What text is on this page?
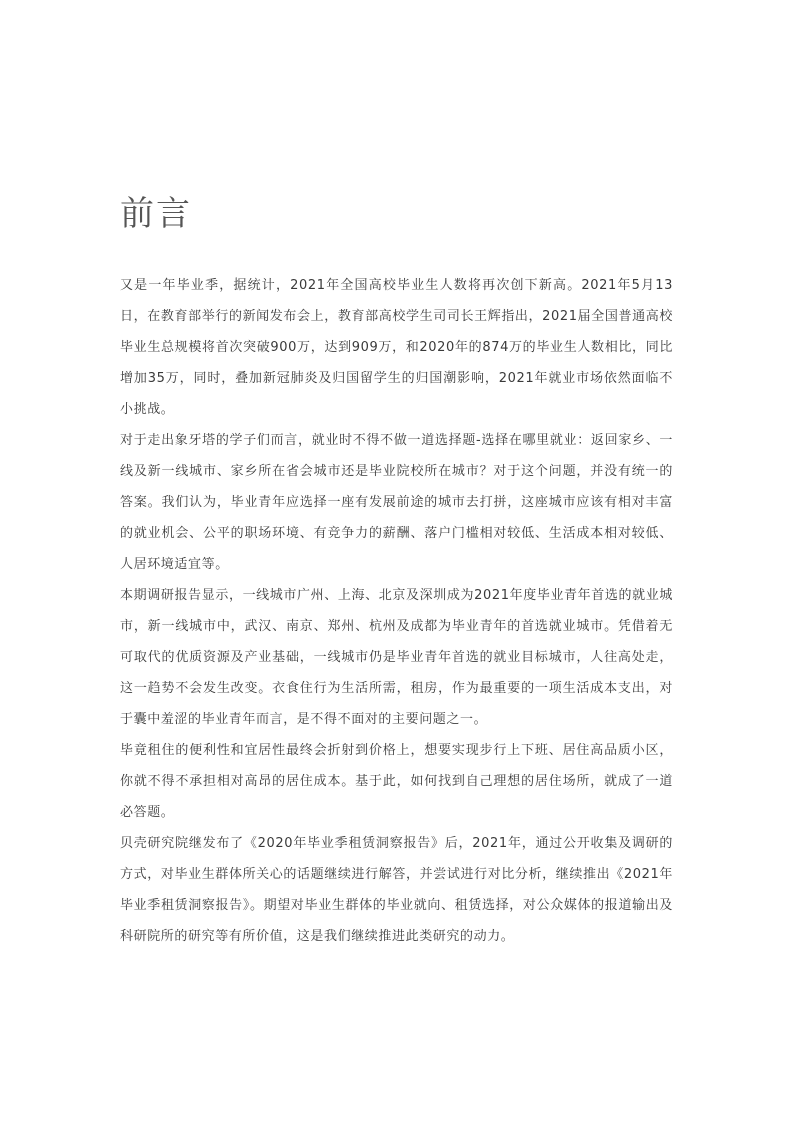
前言

又是一年毕业季，据统计，2021年全国高校毕业生人数将再次创下新高。2021年5月13日，在教育部举行的新闻发布会上，教育部高校学生司司长王辉指出，2021届全国普通高校毕业生总规模将首次突破900万，达到909万，和2020年的874万的毕业生人数相比，同比增加35万，同时，叠加新冠肺炎及归国留学生的归国潮影响，2021年就业市场依然面临不小挑战。

对于走出象牙塔的学子们而言，就业时不得不做一道选择题-选择在哪里就业：返回家乡、一线及新一线城市、家乡所在省会城市还是毕业院校所在城市？对于这个问题，并没有统一的答案。我们认为，毕业青年应选择一座有发展前途的城市去打拼，这座城市应该有相对丰富的就业机会、公平的职场环境、有竞争力的薪酬、落户门槛相对较低、生活成本相对较低、人居环境适宜等。

本期调研报告显示，一线城市广州、上海、北京及深圳成为2021年度毕业青年首选的就业城市，新一线城市中，武汉、南京、郑州、杭州及成都为毕业青年的首选就业城市。凭借着无可取代的优质资源及产业基础，一线城市仍是毕业青年首选的就业目标城市，人往高处走，这一趋势不会发生改变。衣食住行为生活所需，租房，作为最重要的一项生活成本支出，对于囊中羞涩的毕业青年而言，是不得不面对的主要问题之一。

毕竟租住的便利性和宜居性最终会折射到价格上，想要实现步行上下班、居住高品质小区，你就不得不承担相对高昂的居住成本。基于此，如何找到自己理想的居住场所，就成了一道必答题。

贝壳研究院继发布了《2020年毕业季租赁洞察报告》后，2021年，通过公开收集及调研的方式，对毕业生群体所关心的话题继续进行解答，并尝试进行对比分析，继续推出《2021年毕业季租赁洞察报告》。期望对毕业生群体的毕业就向、租赁选择，对公众媒体的报道输出及科研院所的研究等有所价值，这是我们继续推进此类研究的动力。
